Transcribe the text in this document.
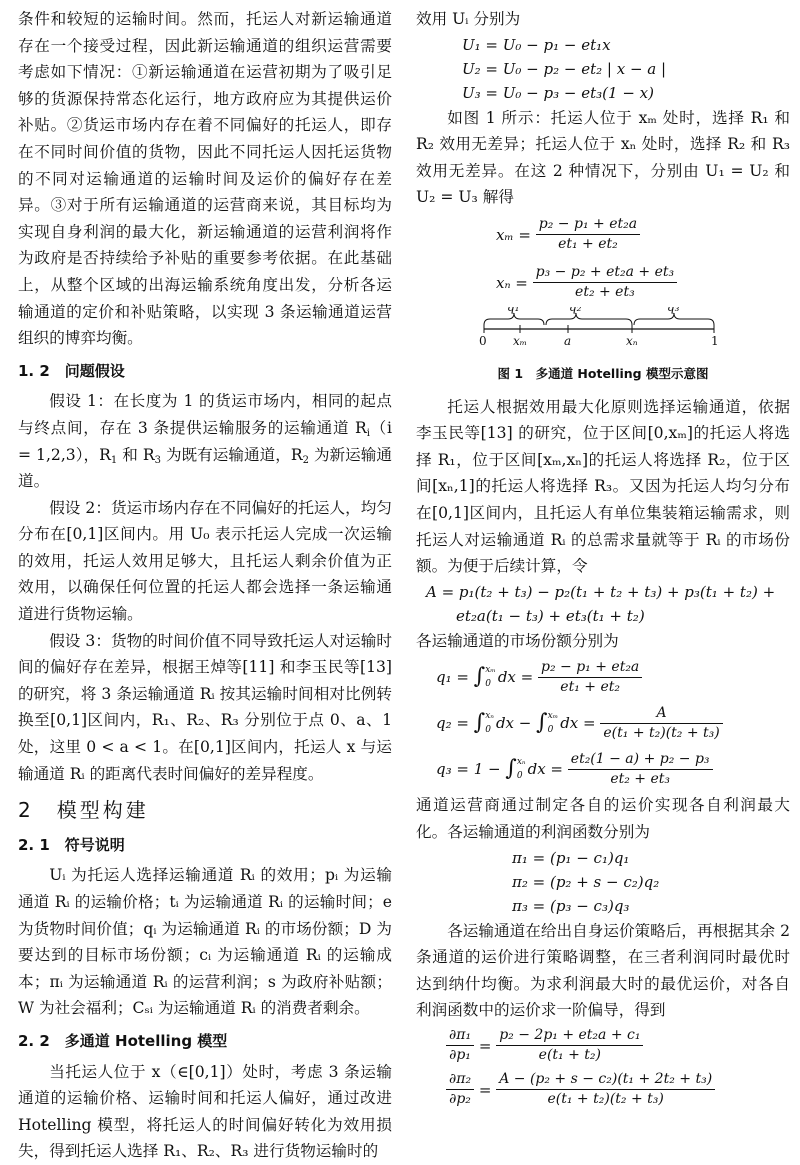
条件和较短的运输时间。然而，托运人对新运输通道存在一个接受过程，因此新运输通道的组织运营需要考虑如下情况：①新运输通道在运营初期为了吸引足够的货源保持常态化运行，地方政府应为其提供运价补贴。②货运市场内存在着不同偏好的托运人，即存在不同时间价值的货物，因此不同托运人因托运货物的不同对运输通道的运输时间及运价的偏好存在差异。③对于所有运输通道的运营商来说，其目标均为实现自身利润的最大化，新运输通道的运营利润将作为政府是否持续给予补贴的重要参考依据。在此基础上，从整个区域的出海运输系统角度出发，分析各运输通道的定价和补贴策略，以实现 3 条运输通道运营组织的博弈均衡。

1. 2　问题假设

假设 1：在长度为 1 的货运市场内，相同的起点与终点间，存在 3 条提供运输服务的运输通道 $R_i(i = 1,2,3)$，$R_1$ 和 $R_3$ 为既有运输通道，$R_2$ 为新运输通道。

假设 2：货运市场内存在不同偏好的托运人，均匀分布在[0,1]区间内。用 U₀ 表示托运人完成一次运输的效用，托运人效用足够大，且托运人剩余价值为正效用，以确保任何位置的托运人都会选择一条运输通道进行货物运输。

假设 3：货物的时间价值不同导致托运人对运输时间的偏好存在差异，根据王焯等[11] 和李玉民等[13] 的研究，将 3 条运输通道 Rᵢ 按其运输时间相对比例转换至[0,1]区间内，R₁、R₂、R₃ 分别位于点 0、a、1 处，这里 0 < a < 1。在[0,1]区间内，托运人 x 与运输通道 Rᵢ 的距离代表时间偏好的差异程度。

2　模型构建
2. 1　符号说明

Uᵢ 为托运人选择运输通道 Rᵢ 的效用；pᵢ 为运输通道 Rᵢ 的运输价格；tᵢ 为运输通道 Rᵢ 的运输时间；e 为货物时间价值；qᵢ 为运输通道 Rᵢ 的市场份额；D 为要达到的目标市场份额；cᵢ 为运输通道 Rᵢ 的运输成本；πᵢ 为运输通道 Rᵢ 的运营利润；s 为政府补贴额；W 为社会福利；Cₛᵢ 为运输通道 Rᵢ 的消费者剩余。

2. 2　多通道 Hotelling 模型

当托运人位于 x（∈[0,1]）处时，考虑 3 条运输通道的运输价格、运输时间和托运人偏好，通过改进 Hotelling 模型，将托运人的时间偏好转化为效用损失，得到托运人选择 R₁、R₂、R₃ 进行货物运输时的

效用 Uᵢ 分别为

U₁ = U₀ − p₁ − et₁x
U₂ = U₀ − p₂ − et₂ | x − a |
U₃ = U₀ − p₃ − et₃(1 − x)

如图 1 所示：托运人位于 xₘ 处时，选择 R₁ 和 R₂ 效用无差异；托运人位于 xₙ 处时，选择 R₂ 和 R₃ 效用无差异。在这 2 种情况下，分别由 U₁ = U₂ 和 U₂ = U₃ 解得

xₘ =
$\frac{\text{p₂ − p₁ + et₂a}}{\text{et₁ + et₂}}$
xₙ =
$\frac{\text{p₃ − p₂ + et₂a + et₃}}{\text{et₂ + et₃}}$
q₁	q₂	q₃
0 xₘ	a	xₙ	1
图 1　多通道 Hotelling 模型示意图

托运人根据效用最大化原则选择运输通道，依据李玉民等[13] 的研究，位于区间[0,xₘ]的托运人将选择 R₁，位于区间[xₘ,xₙ]的托运人将选择 R₂，位于区间[xₙ,1]的托运人将选择 R₃。又因为托运人均匀分布在[0,1]区间内，且托运人有单位集装箱运输需求，则托运人对运输通道 Rᵢ 的总需求量就等于 Rᵢ 的市场份额。为便于后续计算，令

A = p₁(t₂ + t₃) − p₂(t₁ + t₂ + t₃) + p₃(t₁ + t₂) +
et₂a(t₁ − t₃) + et₃(t₁ + t₂)

各运输通道的市场份额分别为

q₁ =
∫ xₘ
0 dx =
$\frac{\text{p₂ − p₁ + et₂a}}{\text{et₁ + et₂}}$
q₂ =
∫ xₙ
0 dx −
∫ xₘ
0 dx =
$\frac{A}{\text{e(t₁ + t₂)(t₂ + t₃)}}$
q₃ = 1 −
∫ xₙ
0 dx =
$\frac{\text{et₂(1 − a) + p₂ − p₃}}{\text{et₂ + et₃}}$

通道运营商通过制定各自的运价实现各自利润最大化。各运输通道的利润函数分别为

π₁ = (p₁ − c₁)q₁
π₂ = (p₂ + s − c₂)q₂
π₃ = (p₃ − c₃)q₃

各运输通道在给出自身运价策略后，再根据其余 2 条通道的运价进行策略调整，在三者利润同时最优时达到纳什均衡。为求利润最大时的最优运价，对各自利润函数中的运价求一阶偏导，得到

$\frac{\text{∂π₁}}{\text{∂p₁}}$
=
$\frac{\text{p₂ − 2p₁ + et₂a + c₁}}{\text{e(t₁ + t₂)}}$
$\frac{\text{∂π₂}}{\text{∂p₂}}$
=
$\frac{\text{A − (p₂ + s − c₂)(t₁ + 2t₂ + t₃)}}{\text{e(t₁ + t₂)(t₂ + t₃)}}$
